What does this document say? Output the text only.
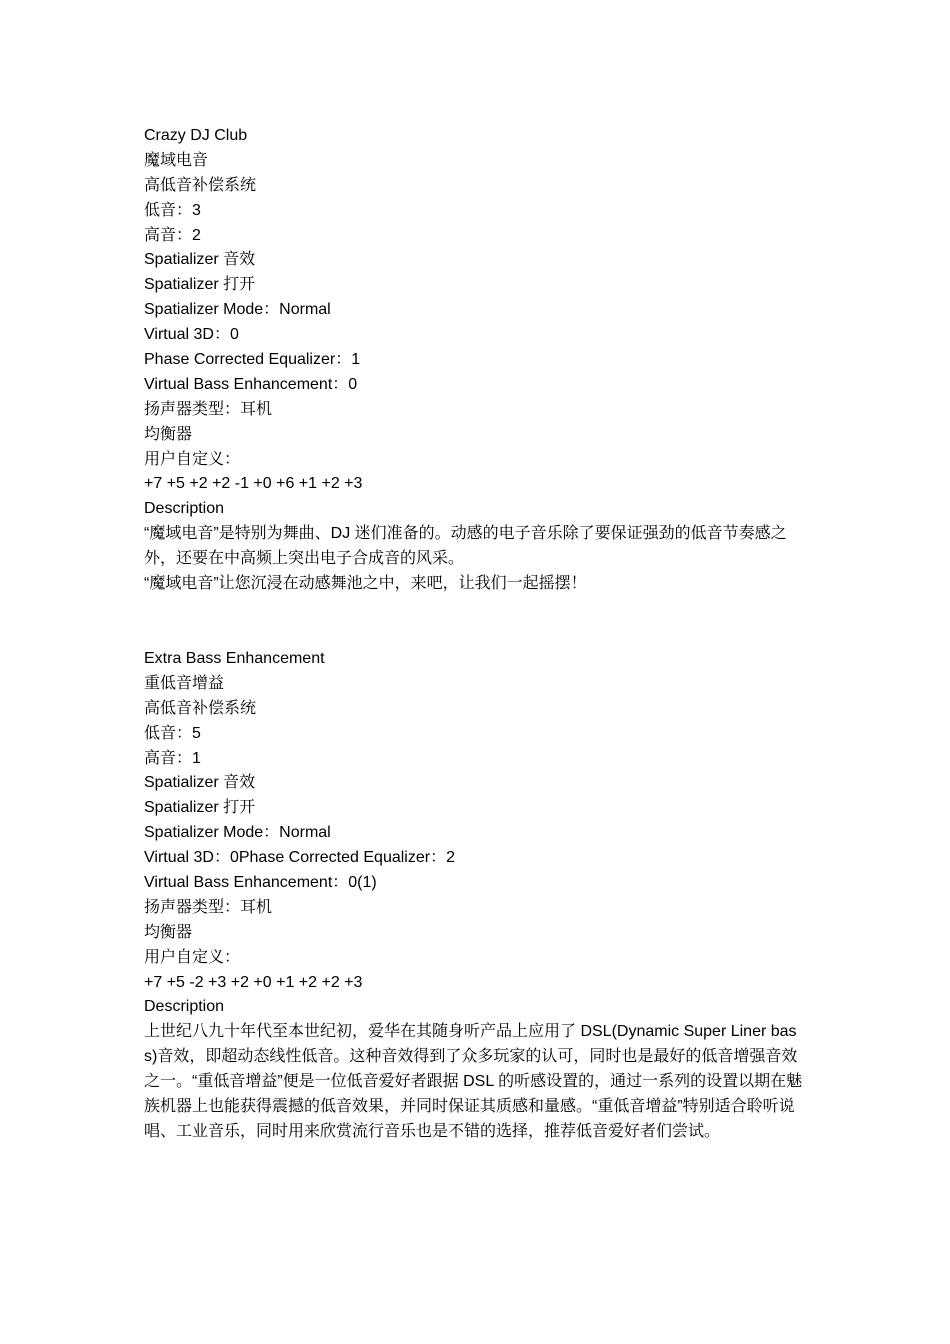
Crazy DJ Club

魔域电音

高低音补偿系统

低音：3

高音：2

Spatializer 音效

Spatializer 打开

Spatializer Mode：Normal

Virtual 3D：0

Phase Corrected Equalizer：1

Virtual Bass Enhancement：0

扬声器类型：耳机

均衡器

用户自定义：

+7 +5 +2 +2 -1 +0 +6 +1 +2 +3

Description

“魔域电音”是特别为舞曲、DJ 迷们准备的。动感的电子音乐除了要保证强劲的低音节奏感之外，还要在中高频上突出电子合成音的风采。

“魔域电音”让您沉浸在动感舞池之中，来吧，让我们一起摇摆！

Extra Bass Enhancement

重低音增益

高低音补偿系统

低音：5

高音：1

Spatializer 音效

Spatializer 打开

Spatializer Mode：Normal

Virtual 3D：0Phase Corrected Equalizer：2

Virtual Bass Enhancement：0(1)

扬声器类型：耳机

均衡器

用户自定义：

+7 +5 -2 +3 +2 +0 +1 +2 +2 +3

Description

上世纪八九十年代至本世纪初，爱华在其随身听产品上应用了 DSL(Dynamic Super Liner bass)音效，即超动态线性低音。这种音效得到了众多玩家的认可，同时也是最好的低音增强音效之一。“重低音增益”便是一位低音爱好者跟据 DSL 的听感设置的，通过一系列的设置以期在魅族机器上也能获得震撼的低音效果，并同时保证其质感和量感。“重低音增益”特别适合聆听说唱、工业音乐，同时用来欣赏流行音乐也是不错的选择，推荐低音爱好者们尝试。
